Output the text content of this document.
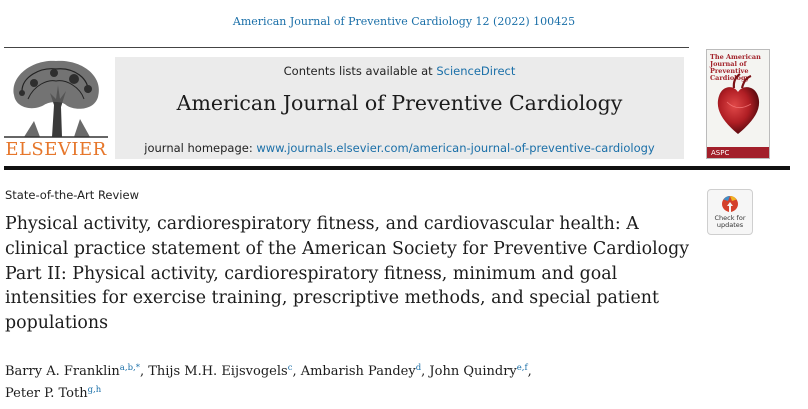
American Journal of Preventive Cardiology 12 (2022) 100425
ELSEVIER
Contents lists available at ScienceDirect
American Journal of Preventive Cardiology
journal homepage: www.journals.elsevier.com/american-journal-of-preventive-cardiology
The American Journal of Preventive Cardiology
ASPC
State-of-the-Art Review
Physical activity, cardiorespiratory fitness, and cardiovascular health: A clinical practice statement of the American Society for Preventive Cardiology Part II: Physical activity, cardiorespiratory fitness, minimum and goal intensities for exercise training, prescriptive methods, and special patient populations
Check for
updates
Barry A. Franklin$^{a,b,*}$, Thijs M.H. Eijsvogels$^c$, Ambarish Pandey$^d$, John Quindry$^{e,f}$,
Peter P. Toth$^{g,h}$
